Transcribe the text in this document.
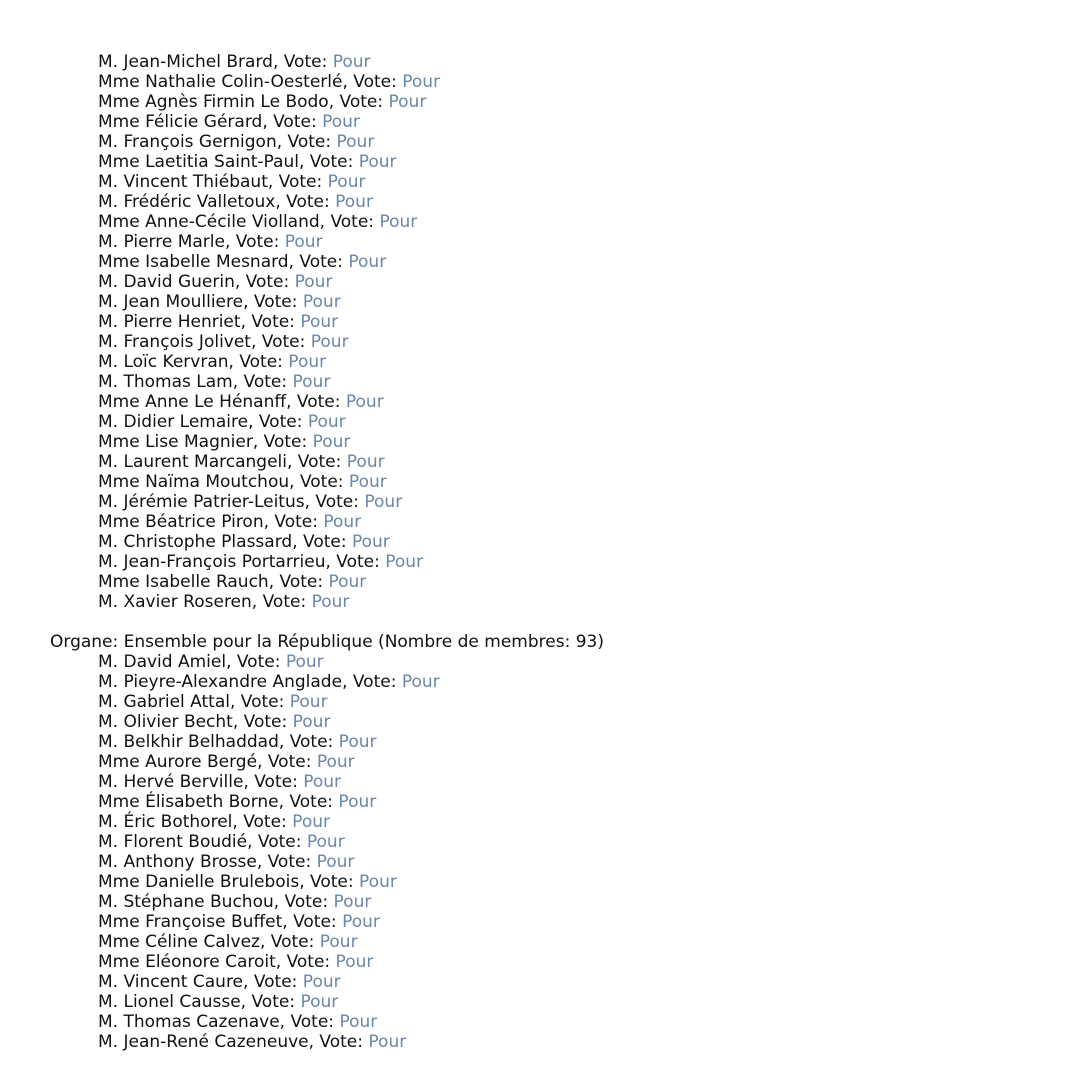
M. Jean-Michel Brard, Vote: Pour
Mme Nathalie Colin-Oesterlé, Vote: Pour
Mme Agnès Firmin Le Bodo, Vote: Pour
Mme Félicie Gérard, Vote: Pour
M. François Gernigon, Vote: Pour
Mme Laetitia Saint-Paul, Vote: Pour
M. Vincent Thiébaut, Vote: Pour
M. Frédéric Valletoux, Vote: Pour
Mme Anne-Cécile Violland, Vote: Pour
M. Pierre Marle, Vote: Pour
Mme Isabelle Mesnard, Vote: Pour
M. David Guerin, Vote: Pour
M. Jean Moulliere, Vote: Pour
M. Pierre Henriet, Vote: Pour
M. François Jolivet, Vote: Pour
M. Loïc Kervran, Vote: Pour
M. Thomas Lam, Vote: Pour
Mme Anne Le Hénanff, Vote: Pour
M. Didier Lemaire, Vote: Pour
Mme Lise Magnier, Vote: Pour
M. Laurent Marcangeli, Vote: Pour
Mme Naïma Moutchou, Vote: Pour
M. Jérémie Patrier-Leitus, Vote: Pour
Mme Béatrice Piron, Vote: Pour
M. Christophe Plassard, Vote: Pour
M. Jean-François Portarrieu, Vote: Pour
Mme Isabelle Rauch, Vote: Pour
M. Xavier Roseren, Vote: Pour
Organe: Ensemble pour la République (Nombre de membres: 93)
M. David Amiel, Vote: Pour
M. Pieyre-Alexandre Anglade, Vote: Pour
M. Gabriel Attal, Vote: Pour
M. Olivier Becht, Vote: Pour
M. Belkhir Belhaddad, Vote: Pour
Mme Aurore Bergé, Vote: Pour
M. Hervé Berville, Vote: Pour
Mme Élisabeth Borne, Vote: Pour
M. Éric Bothorel, Vote: Pour
M. Florent Boudié, Vote: Pour
M. Anthony Brosse, Vote: Pour
Mme Danielle Brulebois, Vote: Pour
M. Stéphane Buchou, Vote: Pour
Mme Françoise Buffet, Vote: Pour
Mme Céline Calvez, Vote: Pour
Mme Eléonore Caroit, Vote: Pour
M. Vincent Caure, Vote: Pour
M. Lionel Causse, Vote: Pour
M. Thomas Cazenave, Vote: Pour
M. Jean-René Cazeneuve, Vote: Pour
